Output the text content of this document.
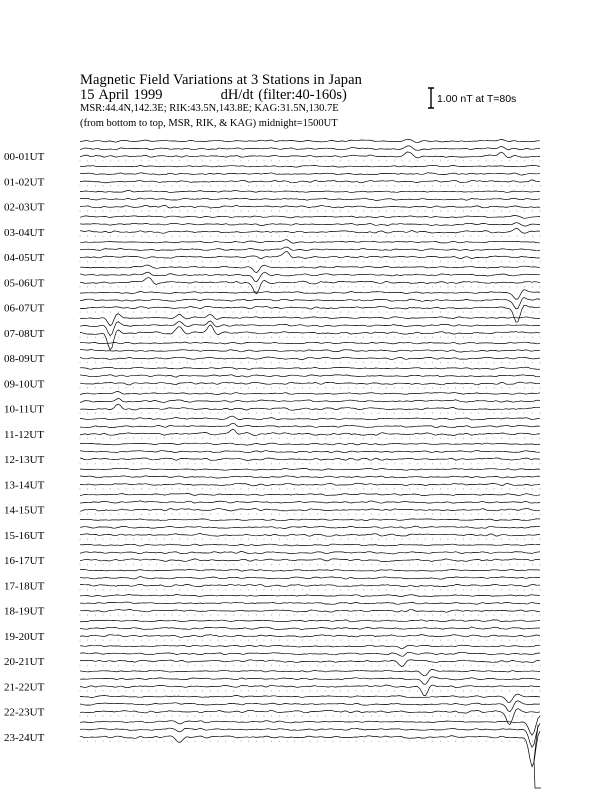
Magnetic Field Variations at 3 Stations in Japan
15 April 1999	dH/dt (filter:40-160s)
MSR:44.4N,142.3E; RIK:43.5N,143.8E; KAG:31.5N,130.7E
(from bottom to top, MSR, RIK, & KAG) midnight=1500UT
1.00 nT at T=80s
00-01UT
01-02UT
02-03UT
03-04UT
04-05UT
05-06UT
06-07UT
07-08UT
08-09UT
09-10UT
10-11UT
11-12UT
12-13UT
13-14UT
14-15UT
15-16UT
16-17UT
17-18UT
18-19UT
19-20UT
20-21UT
21-22UT
22-23UT
23-24UT
